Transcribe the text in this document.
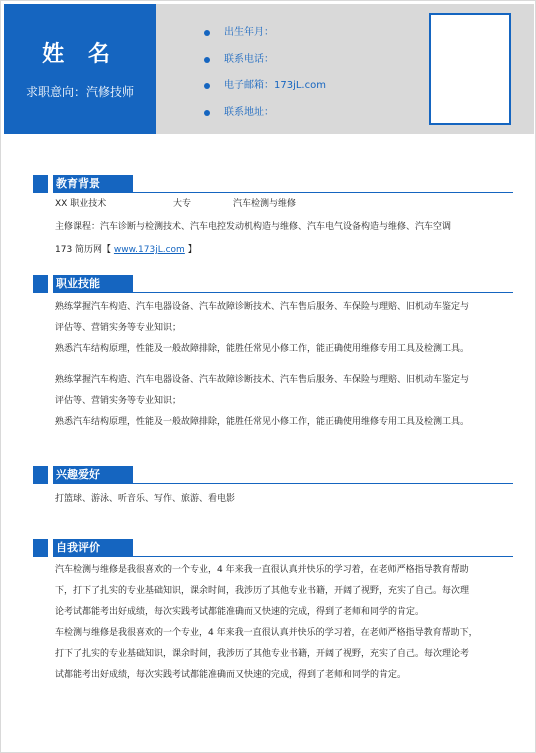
姓 名
求职意向：汽修技师
出生年月：
联系电话：
电子邮箱：173jL.com
联系地址：
教育背景
XX 职业技术	大专	汽车检测与维修
主修课程：汽车诊断与检测技术、汽车电控发动机构造与维修、汽车电气设备构造与维修、汽车空调
173 简历网【 www.173jL.com 】
职业技能
熟练掌握汽车构造、汽车电器设备、汽车故障诊断技术、汽车售后服务、车保险与理赔、旧机动车鉴定与
评估等、营销实务等专业知识；
熟悉汽车结构原理，性能及一般故障排除，能胜任常见小修工作，能正确使用维修专用工具及检测工具。
熟练掌握汽车构造、汽车电器设备、汽车故障诊断技术、汽车售后服务、车保险与理赔、旧机动车鉴定与
评估等、营销实务等专业知识；
熟悉汽车结构原理，性能及一般故障排除，能胜任常见小修工作，能正确使用维修专用工具及检测工具。
兴趣爱好
打篮球、游泳、听音乐、写作、旅游、看电影
自我评价
汽车检测与维修是我很喜欢的一个专业，4 年来我一直很认真并快乐的学习着，在老师严格指导教育帮助
下，打下了扎实的专业基础知识，课余时间，我涉历了其他专业书籍，开阔了视野，充实了自己。每次理
论考试都能考出好成绩，每次实践考试都能准确而又快速的完成，得到了老师和同学的肯定。
车检测与维修是我很喜欢的一个专业，4 年来我一直很认真并快乐的学习着，在老师严格指导教育帮助下，
打下了扎实的专业基础知识，课余时间，我涉历了其他专业书籍，开阔了视野，充实了自己。每次理论考
试都能考出好成绩，每次实践考试都能准确而又快速的完成，得到了老师和同学的肯定。
